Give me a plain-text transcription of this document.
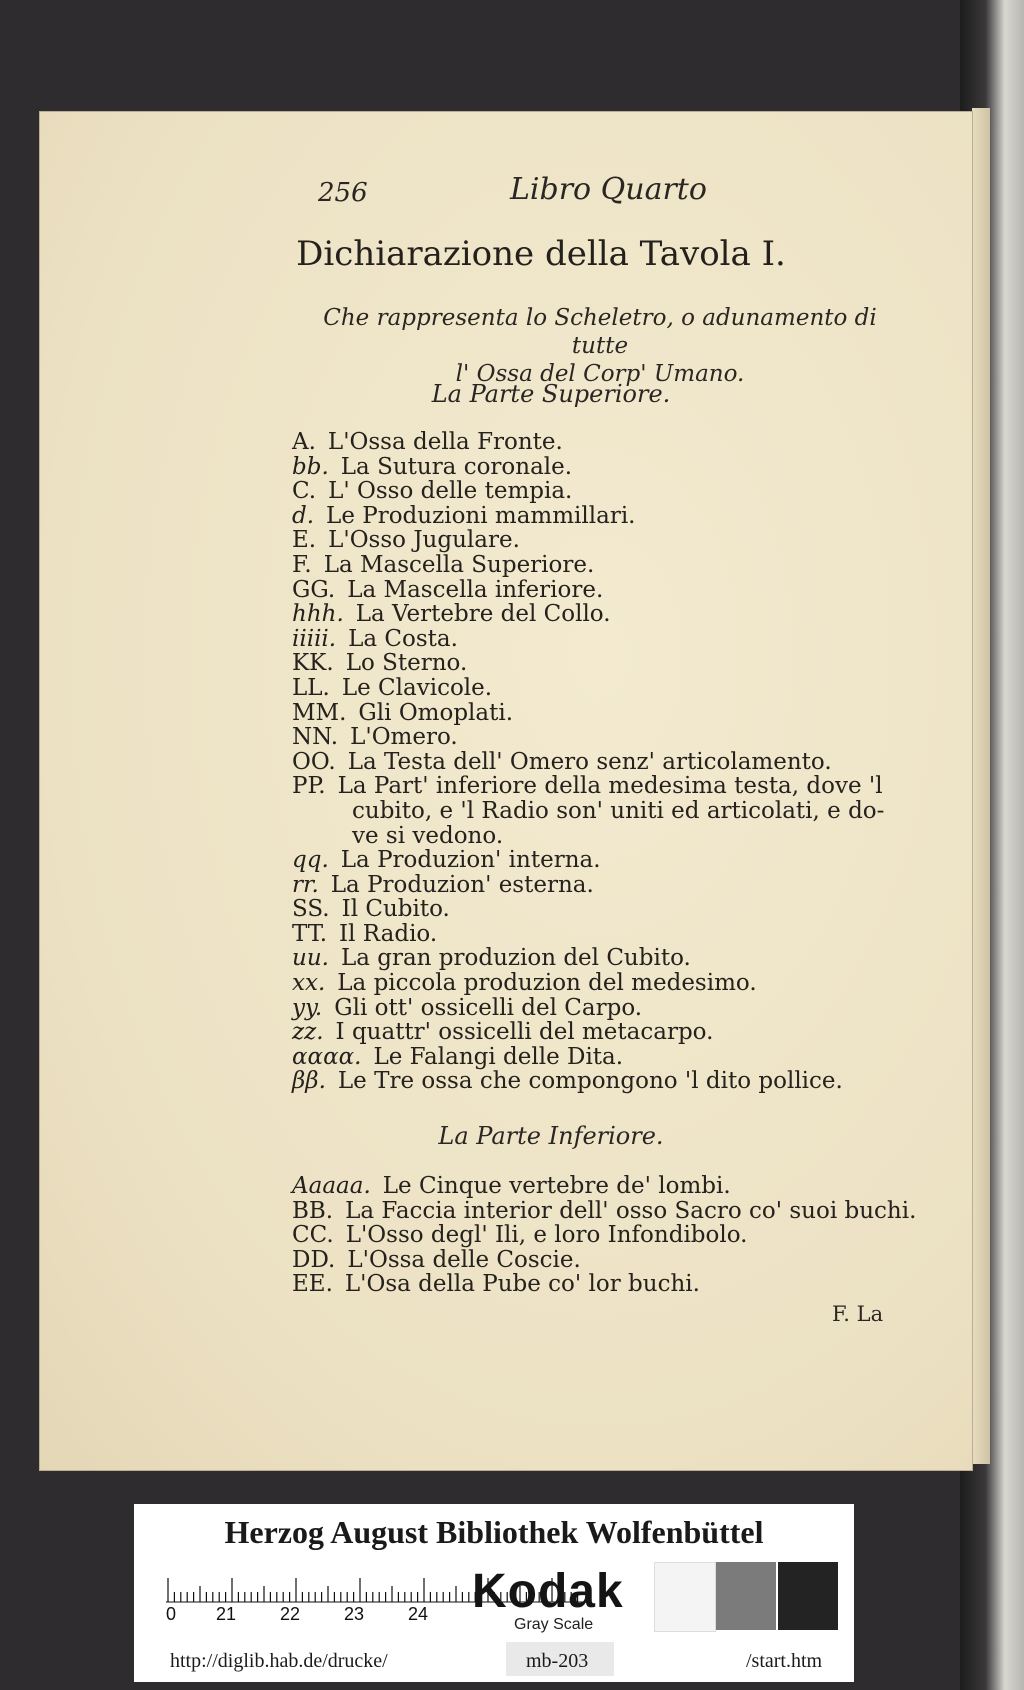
256	Libro Quarto
Dichiarazione della Tavola I.
Che rappresenta lo Scheletro, o adunamento di tutte
l' Ossa del Corp' Umano.
La Parte Superiore.
A. L'Ossa della Fronte.
bb. La Sutura coronale.
C. L' Osso delle tempia.
d. Le Produzioni mammillari.
E. L'Osso Jugulare.
F. La Mascella Superiore.
GG. La Mascella inferiore.
hhh. La Vertebre del Collo.
iiiii. La Costa.
KK. Lo Sterno.
LL. Le Clavicole.
MM. Gli Omoplati.
NN. L'Omero.
OO. La Testa dell' Omero senz' articolamento.
PP. La Part' inferiore della medesima testa, dove 'l
cubito, e 'l Radio son' uniti ed articolati, e do-
ve si vedono.
qq. La Produzion' interna.
rr. La Produzion' esterna.
SS. Il Cubito.
TT. Il Radio.
uu. La gran produzion del Cubito.
xx. La piccola produzion del medesimo.
yy. Gli ott' ossicelli del Carpo.
zz. I quattr' ossicelli del metacarpo.
αααα. Le Falangi delle Dita.
ββ. Le Tre ossa che compongono 'l dito pollice.
La Parte Inferiore.
Aaaaa. Le Cinque vertebre de' lombi.
BB. La Faccia interior dell' osso Sacro co' suoi buchi.
CC. L'Osso degl' Ili, e loro Infondibolo.
DD. L'Ossa delle Coscie.
EE. L'Osa della Pube co' lor buchi.
F. La
Herzog August Bibliothek Wolfenbüttel
0 21 22 23 24 Kodak
Gray Scale
http://diglib.hab.de/drucke/	mb-203	/start.htm
